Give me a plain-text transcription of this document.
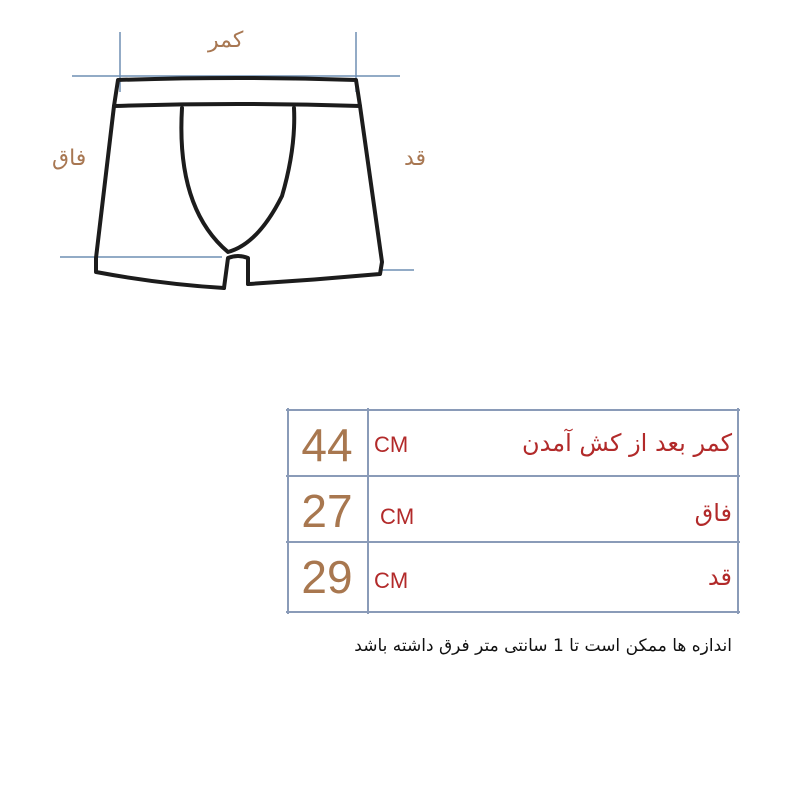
کمر
فاق	قد
44 CM	کمر بعد از کش آمدن
27	CM	فاق
29 CM	قد
اندازه ها ممکن است تا 1 سانتی متر فرق داشته باشد
